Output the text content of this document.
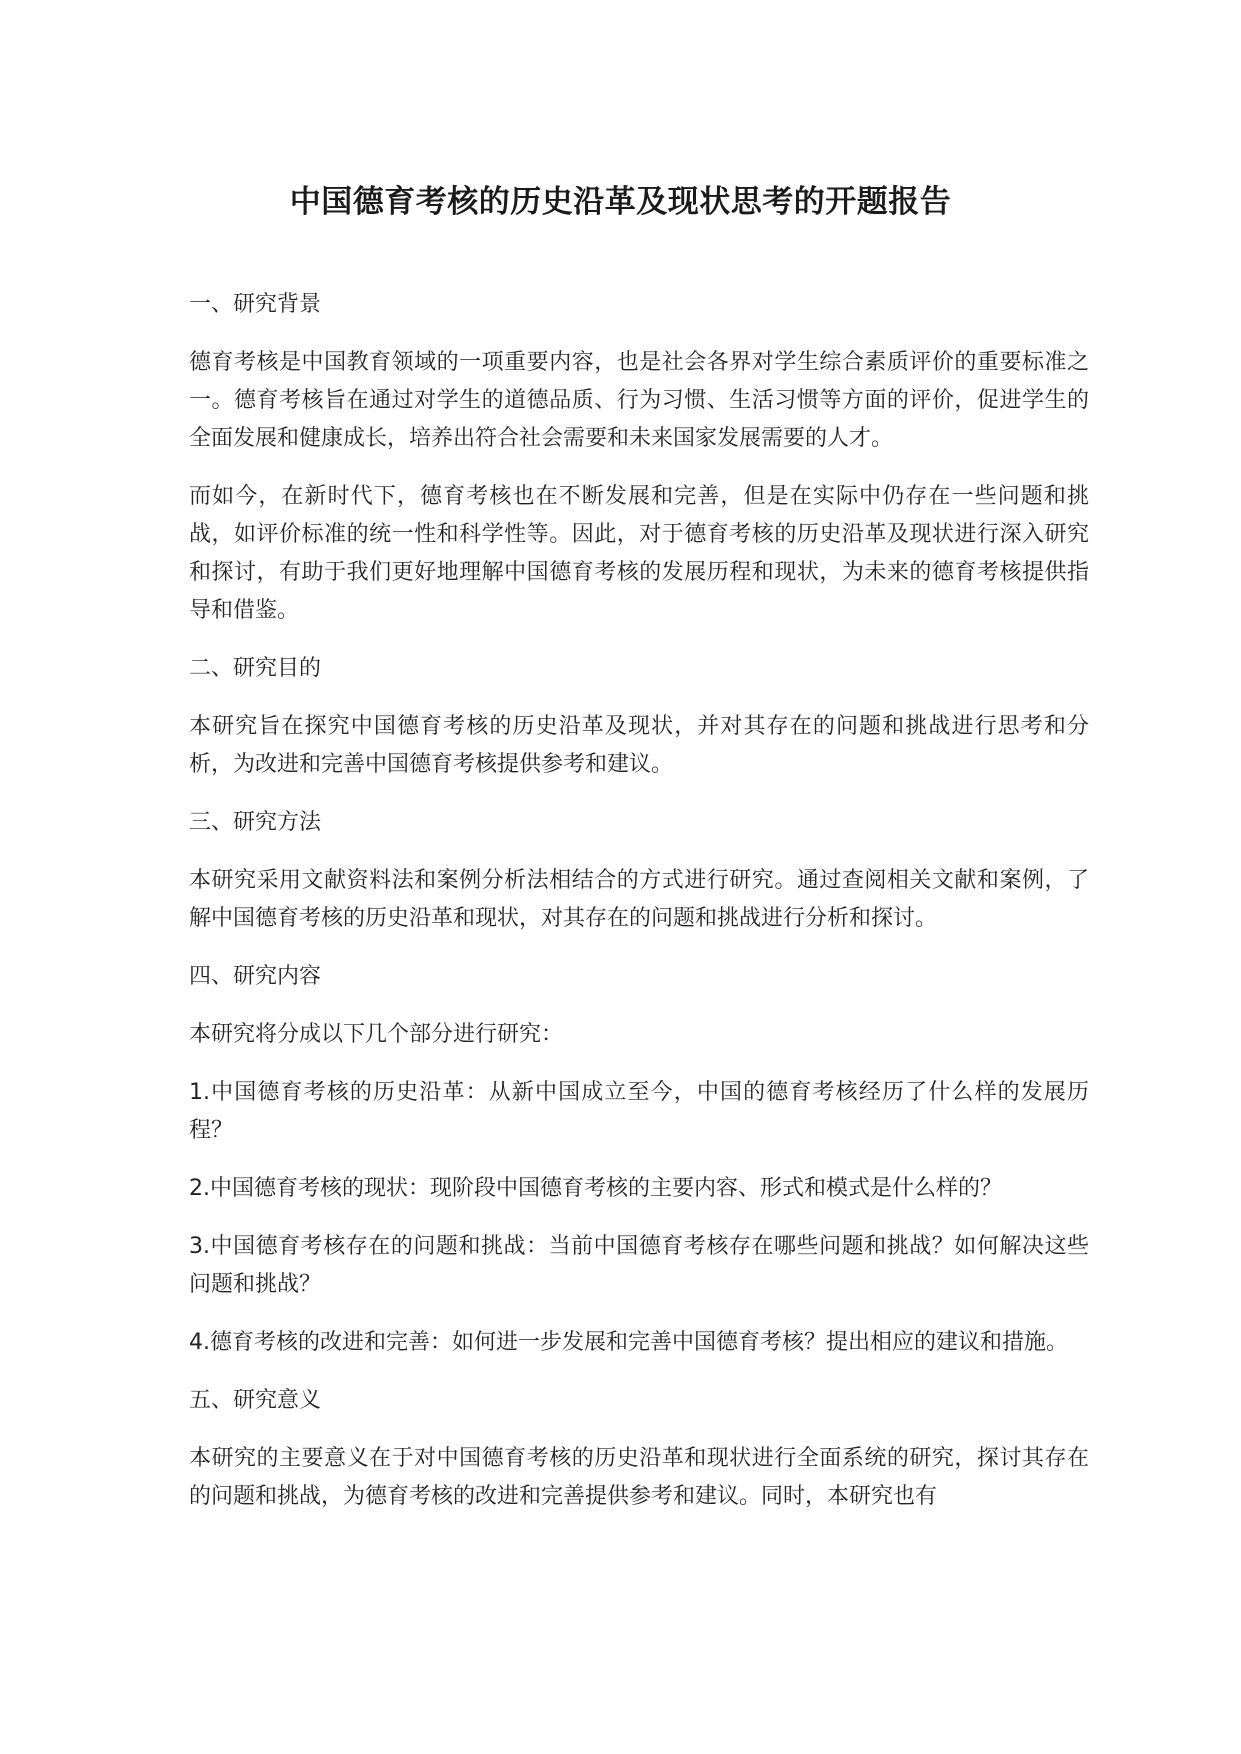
中国德育考核的历史沿革及现状思考的开题报告
一、研究背景
德育考核是中国教育领域的一项重要内容，也是社会各界对学生综合素质评价的重要标准之一。德育考核旨在通过对学生的道德品质、行为习惯、生活习惯等方面的评价，促进学生的全面发展和健康成长，培养出符合社会需要和未来国家发展需要的人才。
而如今，在新时代下，德育考核也在不断发展和完善，但是在实际中仍存在一些问题和挑战，如评价标准的统一性和科学性等。因此，对于德育考核的历史沿革及现状进行深入研究和探讨，有助于我们更好地理解中国德育考核的发展历程和现状，为未来的德育考核提供指导和借鉴。
二、研究目的
本研究旨在探究中国德育考核的历史沿革及现状，并对其存在的问题和挑战进行思考和分析，为改进和完善中国德育考核提供参考和建议。
三、研究方法
本研究采用文献资料法和案例分析法相结合的方式进行研究。通过查阅相关文献和案例，了解中国德育考核的历史沿革和现状，对其存在的问题和挑战进行分析和探讨。
四、研究内容
本研究将分成以下几个部分进行研究：
1.中国德育考核的历史沿革：从新中国成立至今，中国的德育考核经历了什么样的发展历程？
2.中国德育考核的现状：现阶段中国德育考核的主要内容、形式和模式是什么样的？
3.中国德育考核存在的问题和挑战：当前中国德育考核存在哪些问题和挑战？如何解决这些问题和挑战？
4.德育考核的改进和完善：如何进一步发展和完善中国德育考核？提出相应的建议和措施。
五、研究意义
本研究的主要意义在于对中国德育考核的历史沿革和现状进行全面系统的研究，探讨其存在的问题和挑战，为德育考核的改进和完善提供参考和建议。同时，本研究也有
